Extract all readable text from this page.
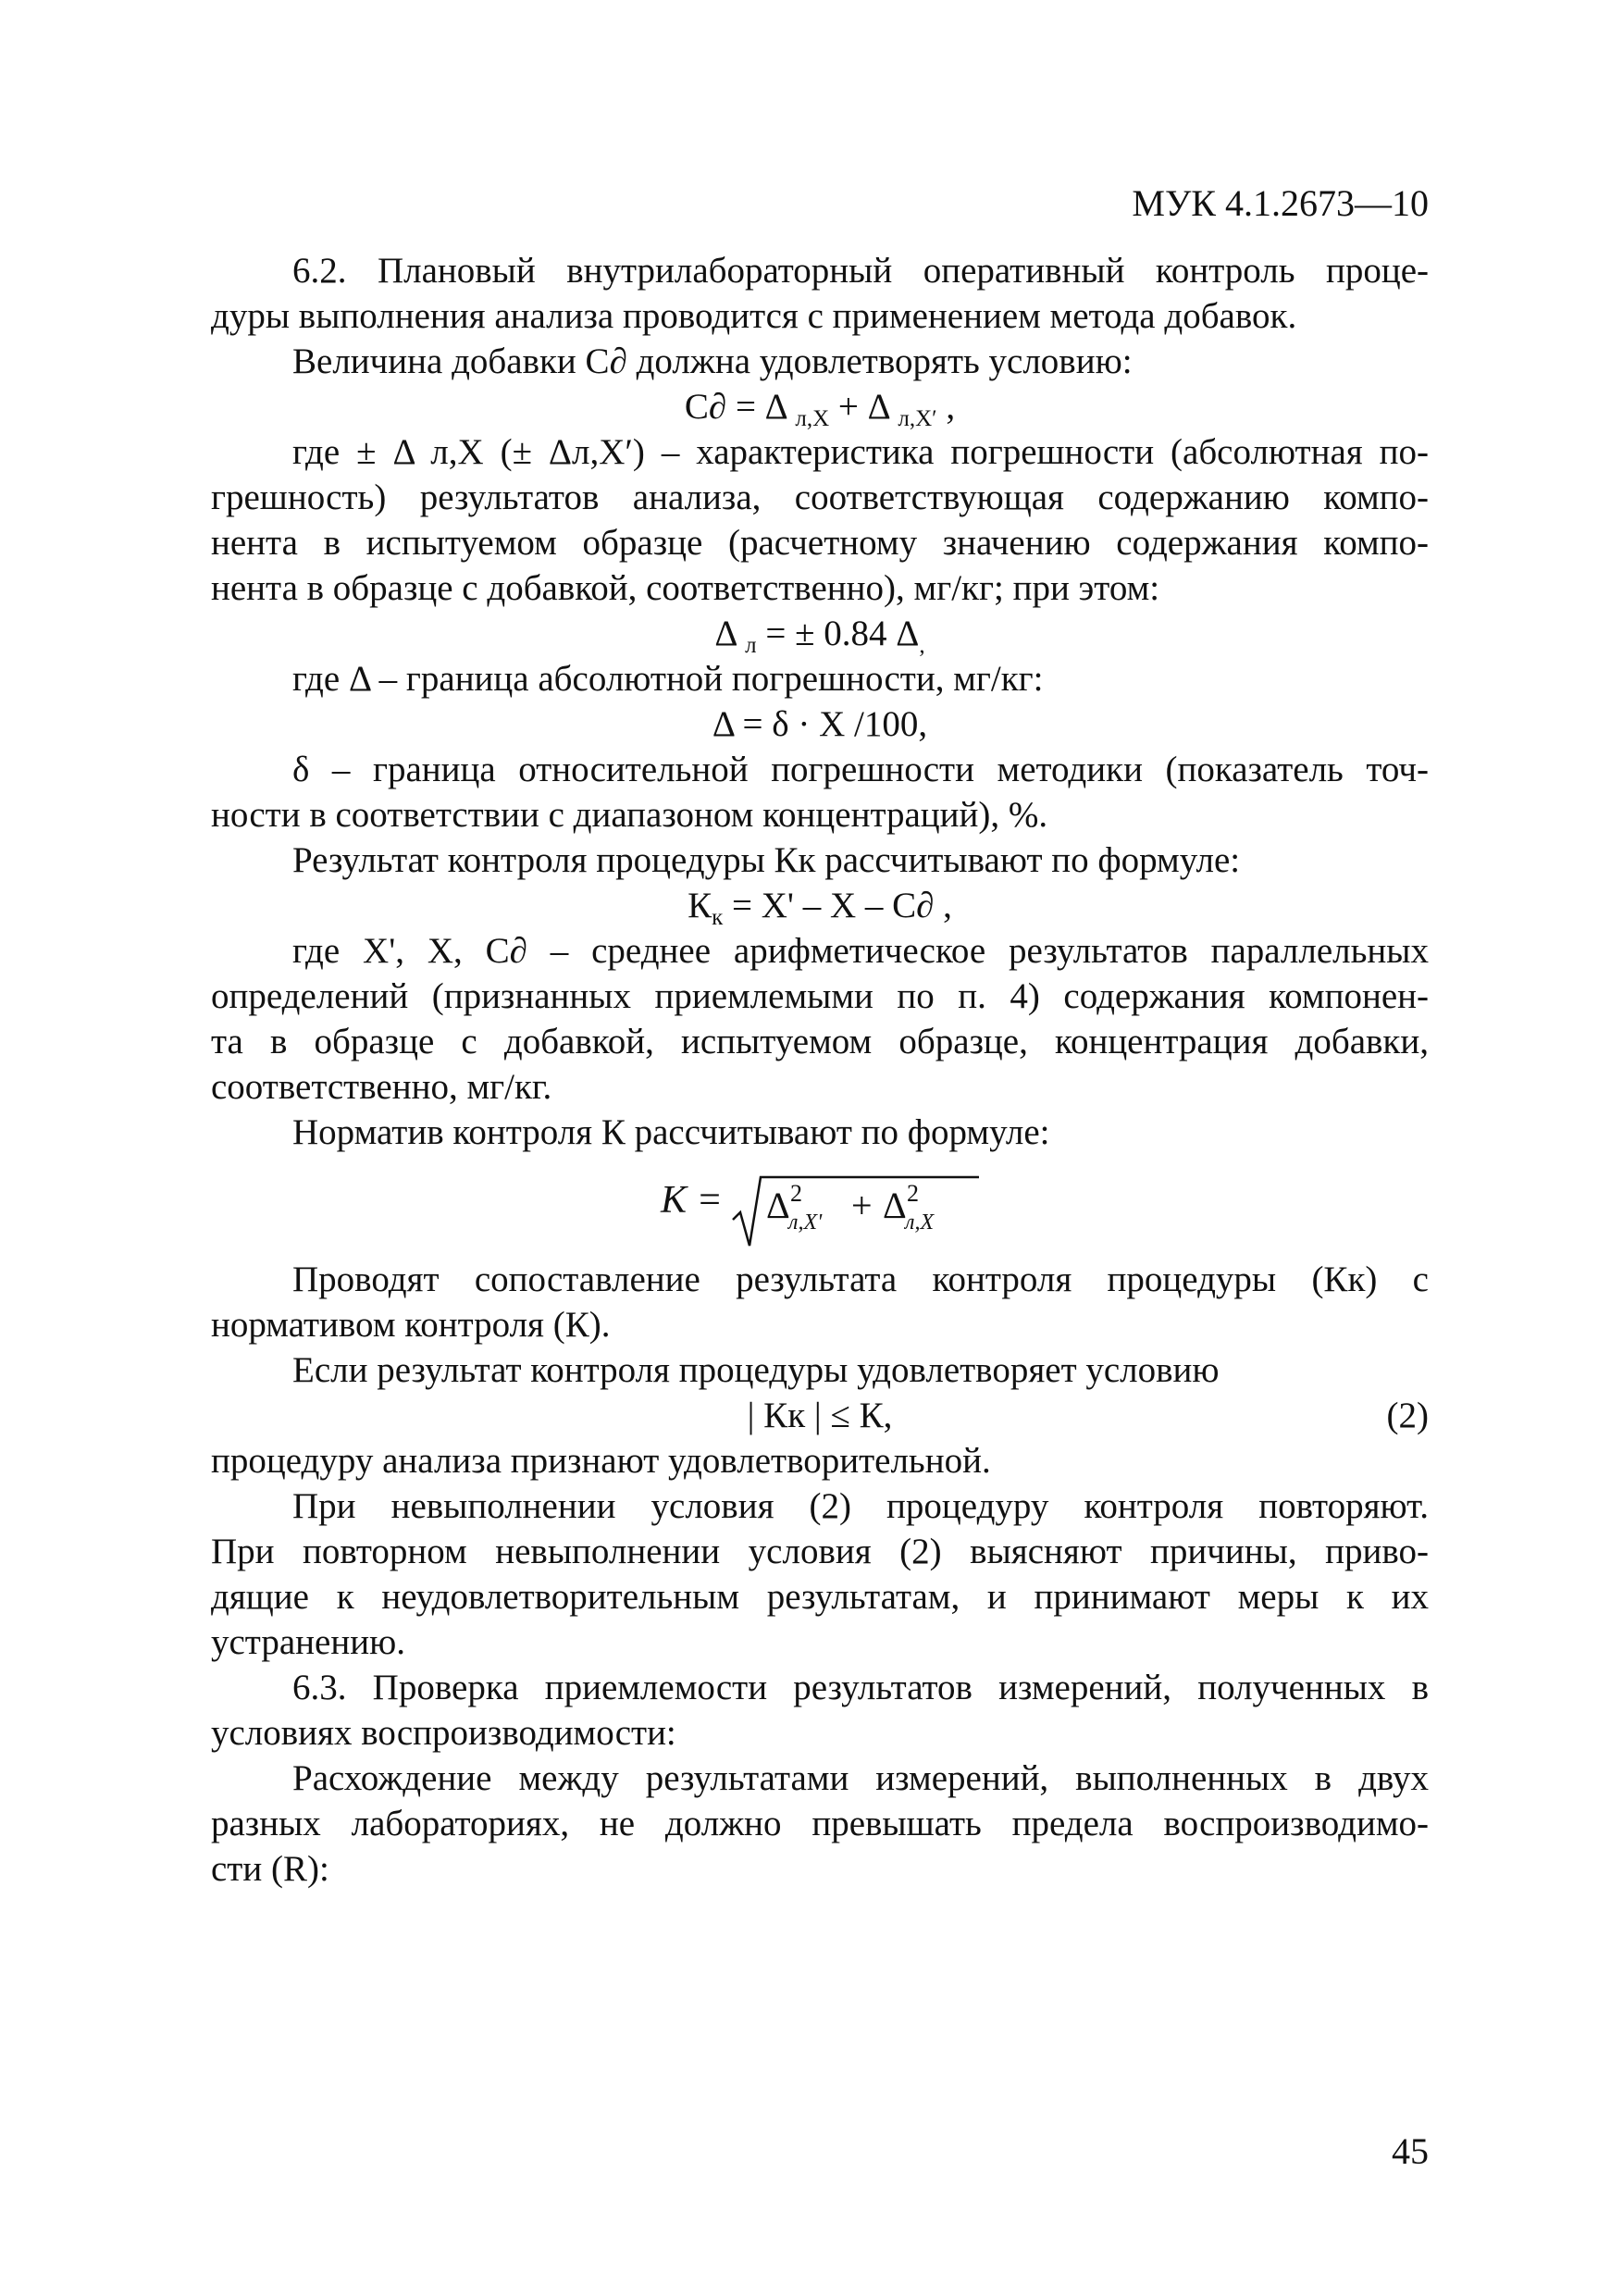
МУК 4.1.2673—10

6.2. Плановый внутрилабораторный оперативный контроль проце-

дуры выполнения анализа проводится с применением метода добавок.

Величина добавки С∂ должна удовлетворять условию:

С∂ = Δ $_{л,X}$ + Δ $_{л,X'}$ ,

где ± Δ л,Х (± Δл,Х′) – характеристика погрешности (абсолютная по-

грешность) результатов анализа, соответствующая содержанию компо-

нента в испытуемом образце (расчетному значению содержания компо-

нента в образце с добавкой, соответственно), мг/кг; при этом:

Δ $_л$ = ± 0.84 $\Delta_,$

где Δ – граница абсолютной погрешности, мг/кг:

Δ = δ · X /100,

δ – граница относительной погрешности методики (показатель точ-

ности в соответствии с диапазоном концентраций), %.

Результат контроля процедуры Кк рассчитывают по формуле:

$К_к = X' - X - С\partial$ ,

где X', X, С∂ – среднее арифметическое результатов параллельных

определений (признанных приемлемыми по п. 4) содержания компонен-

та в образце с добавкой, испытуемом образце, концентрация добавки,

соответственно, мг/кг.

Норматив контроля К рассчитывают по формуле:

K = Δ 2
л,X' + Δ 2
л,X

Проводят сопоставление результата контроля процедуры (Кк) с

нормативом контроля (К).

Если результат контроля процедуры удовлетворяет условию

| Кк | ≤ К,	(2)

процедуру анализа признают удовлетворительной.

При невыполнении условия (2) процедуру контроля повторяют.

При повторном невыполнении условия (2) выясняют причины, приво-

дящие к неудовлетворительным результатам, и принимают меры к их

устранению.

6.3. Проверка приемлемости результатов измерений, полученных в

условиях воспроизводимости:

Расхождение между результатами измерений, выполненных в двух

разных лабораториях, не должно превышать предела воспроизводимо-

сти (R):

45
